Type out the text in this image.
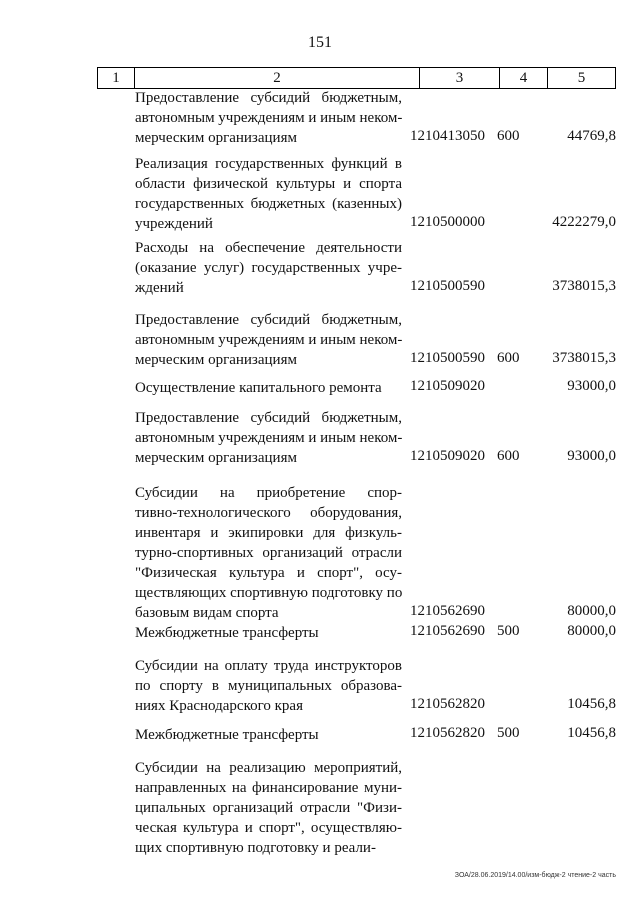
151
1	2	3	4	5
Предоставление субсидий бюджетным,
автономным учреждениям и иным неком-
мерческим организациям	1210413050 600	44769,8
Реализация государственных функций в
области физической культуры и спорта
государственных бюджетных (казенных)
учреждений	1210500000	4222279,0
Расходы на обеспечение деятельности
(оказание услуг) государственных учре-
ждений	1210500590	3738015,3
Предоставление субсидий бюджетным,
автономным учреждениям и иным неком-
мерческим организациям	1210500590 600	3738015,3
Осуществление капитального ремонта	1210509020	93000,0
Предоставление субсидий бюджетным,
автономным учреждениям и иным неком-
мерческим организациям	1210509020 600	93000,0
Субсидии на приобретение спор-
тивно-технологического оборудования,
инвентаря и экипировки для физкуль-
турно-спортивных организаций отрасли
"Физическая культура и спорт", осу-
ществляющих спортивную подготовку по
базовым видам спорта	1210562690	80000,0
Межбюджетные трансферты	1210562690 500	80000,0
Субсидии на оплату труда инструкторов
по спорту в муниципальных образова-
ниях Краснодарского края	1210562820	10456,8
Межбюджетные трансферты	1210562820 500	10456,8
Субсидии на реализацию мероприятий,
направленных на финансирование муни-
ципальных организаций отрасли "Физи-
ческая культура и спорт", осуществляю-
щих спортивную подготовку и реали-
ЗОА/28.06.2019/14.00/изм-бюдж-2 чтение-2 часть
